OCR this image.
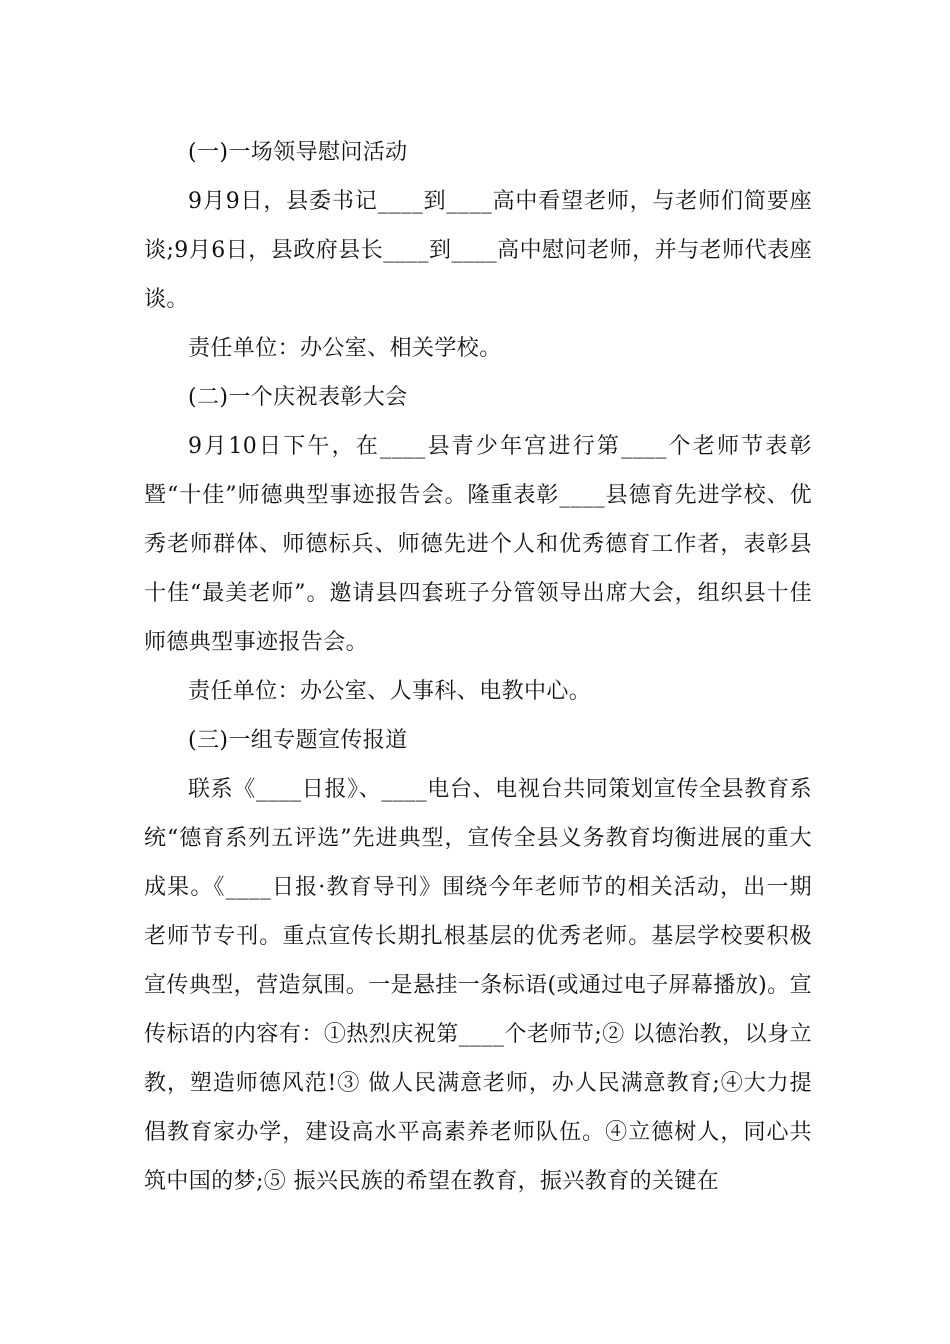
(一)一场领导慰问活动

9月9日，县委书记____到____高中看望老师，与老师们简要座谈;9月6日，县政府县长____到____高中慰问老师，并与老师代表座谈。

责任单位：办公室、相关学校。

(二)一个庆祝表彰大会

9月10日下午，在____县青少年宫进行第____个老师节表彰暨“十佳”师德典型事迹报告会。隆重表彰____县德育先进学校、优秀老师群体、师德标兵、师德先进个人和优秀德育工作者，表彰县十佳“最美老师”。邀请县四套班子分管领导出席大会，组织县十佳师德典型事迹报告会。

责任单位：办公室、人事科、电教中心。

(三)一组专题宣传报道

联系《____日报》、____电台、电视台共同策划宣传全县教育系统“德育系列五评选”先进典型，宣传全县义务教育均衡进展的重大成果。《____日报·教育导刊》围绕今年老师节的相关活动，出一期老师节专刊。重点宣传长期扎根基层的优秀老师。基层学校要积极宣传典型，营造氛围。一是悬挂一条标语(或通过电子屏幕播放)。宣传标语的内容有：①热烈庆祝第____个老师节;② 以德治教，以身立教，塑造师德风范!③ 做人民满意老师，办人民满意教育;④大力提倡教育家办学，建设高水平高素养老师队伍。④立德树人，同心共筑中国的梦;⑤ 振兴民族的希望在教育，振兴教育的关键在
